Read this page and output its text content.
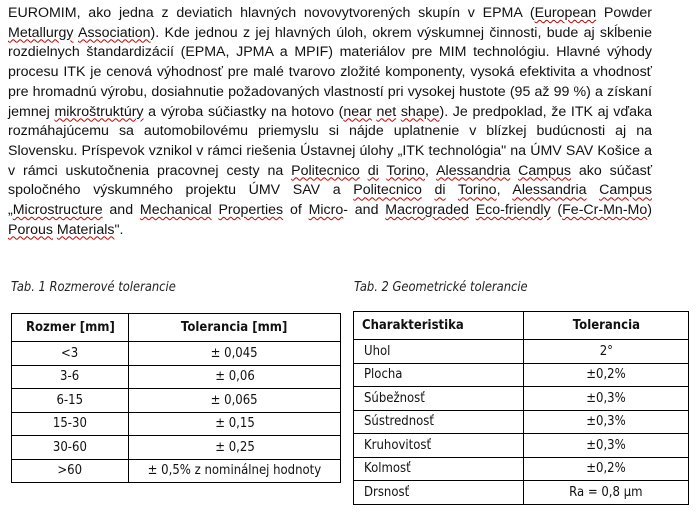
EUROMIM, ako jedna z deviatich hlavných novovytvorených skupín v EPMA (European Powder Metallurgy Association). Kde jednou z jej hlavných úloh, okrem výskumnej činnosti, bude aj skĺbenie rozdielnych štandardizácií (EPMA, JPMA a MPIF) materiálov pre MIM technológiu. Hlavné výhody procesu ITK je cenová výhodnosť pre malé tvarovo zložité komponenty, vysoká efektivita a vhodnosť pre hromadnú výrobu, dosiahnutie požadovaných vlastností pri vysokej hustote (95 až 99 %) a získaní jemnej mikroštruktúry a výroba súčiastky na hotovo (near net shape). Je predpoklad, že ITK aj vďaka rozmáhajúcemu sa automobilovému priemyslu si nájde uplatnenie v blízkej budúcnosti aj na Slovensku. Príspevok vznikol v rámci riešenia Ústavnej úlohy „ITK technológia" na ÚMV SAV Košice a v rámci uskutočnenia pracovnej cesty na Politecnico di Torino, Alessandria Campus ako súčasť spoločného výskumného projektu ÚMV SAV a Politecnico di Torino, Alessandria Campus „Microstructure and Mechanical Properties of Micro- and Macrograded Eco-friendly (Fe-Cr-Mn-Mo) Porous Materials".

Tab. 1 Rozmerové tolerancie	Tab. 2 Geometrické tolerancie
Rozmer [mm]	Tolerancia [mm]
<3	± 0,045
3-6	± 0,06
6-15	± 0,065
15-30	± 0,15
30-60	± 0,25
>60	± 0,5% z nominálnej hodnoty
Charakteristika	Tolerancia
Uhol	2°
Plocha	±0,2%
Súbežnosť	±0,3%
Sústrednosť	±0,3%
Kruhovitosť	±0,3%
Kolmosť	±0,2%
Drsnosť	Ra = 0,8 µm
